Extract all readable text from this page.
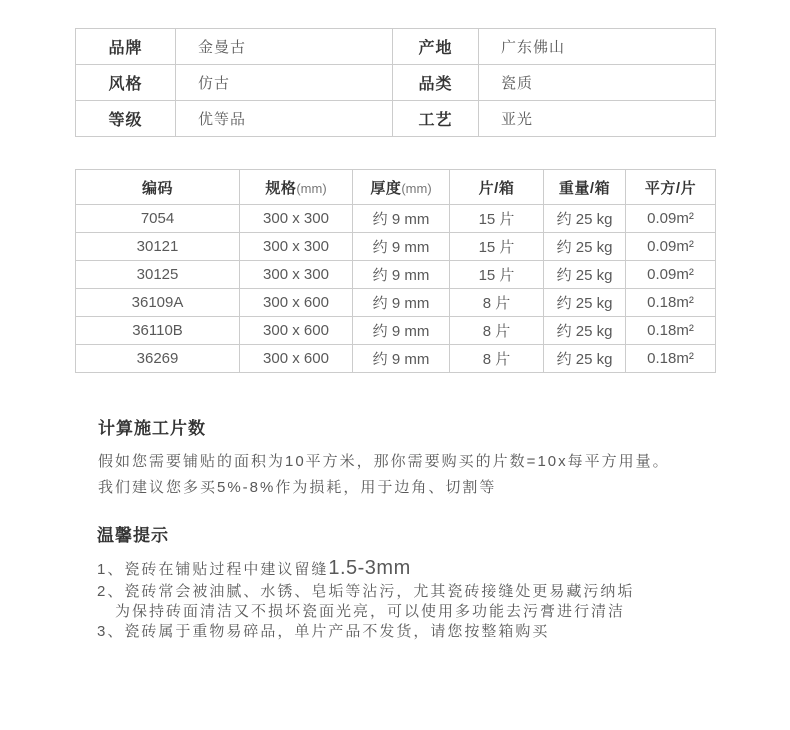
品牌	金曼古	产地	广东佛山
风格	仿古	品类	瓷质
等级	优等品	工艺	亚光
编码	规格(mm)	厚度(mm)	片/箱	重量/箱	平方/片
7054	300 x 300	约 9 mm	15 片	约 25 kg	0.09m²
30121	300 x 300	约 9 mm	15 片	约 25 kg	0.09m²
30125	300 x 300	约 9 mm	15 片	约 25 kg	0.09m²
36109A	300 x 600	约 9 mm	8 片	约 25 kg	0.18m²
36110B	300 x 600	约 9 mm	8 片	约 25 kg	0.18m²
36269	300 x 600	约 9 mm	8 片	约 25 kg	0.18m²
计算施工片数
假如您需要铺贴的面积为10平方米，那你需要购买的片数=10x每平方用量。
我们建议您多买5%-8%作为损耗，用于边角、切割等
温馨提示
1、瓷砖在铺贴过程中建议留缝1.5-3mm
2、瓷砖常会被油腻、水锈、皂垢等沾污，尤其瓷砖接缝处更易藏污纳垢
为保持砖面清洁又不损坏瓷面光亮，可以使用多功能去污膏进行清洁
3、瓷砖属于重物易碎品，单片产品不发货，请您按整箱购买
